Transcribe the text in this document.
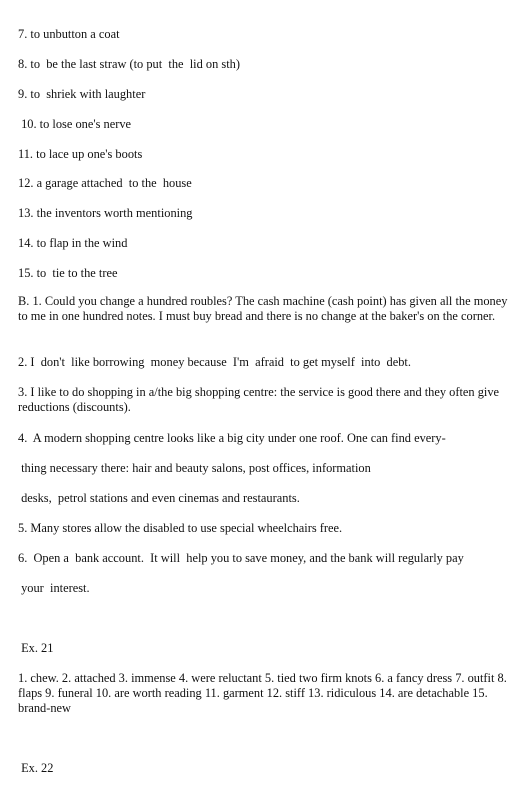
7. to unbutton a coat

8. to  be the last straw (to put  the  lid on sth)

9. to  shriek with laughter

10. to lose one's nerve

11. to lace up one's boots

12. a garage attached  to the  house

13. the inventors worth mentioning

14. to flap in the wind

15. to  tie to the tree

B. 1. Could you change a hundred roubles? The cash machine (cash point) has given all the money to me in one hundred notes. I must buy bread and there is no change at the baker's on the corner.

2. I  don't  like borrowing  money because  I'm  afraid  to get myself  into  debt.

3. I like to do shopping in a/the big shopping centre: the service is good there and they often give reductions (discounts).

4.  A modern shopping centre looks like a big city under one roof. One can find every-

thing necessary there: hair and beauty salons, post offices, information

desks,  petrol stations and even cinemas and restaurants.

5. Many stores allow the disabled to use special wheelchairs free.

6.  Open a  bank account.  It will  help you to save money, and the bank will regularly pay

your  interest.

Ex. 21

1. chew. 2. attached 3. immense 4. were reluctant 5. tied two firm knots 6. a fancy dress 7. outfit 8. flaps 9. funeral 10. are worth reading 11. garment 12. stiff 13. ridiculous 14. are detachable 15. brand-new

Ex. 22
